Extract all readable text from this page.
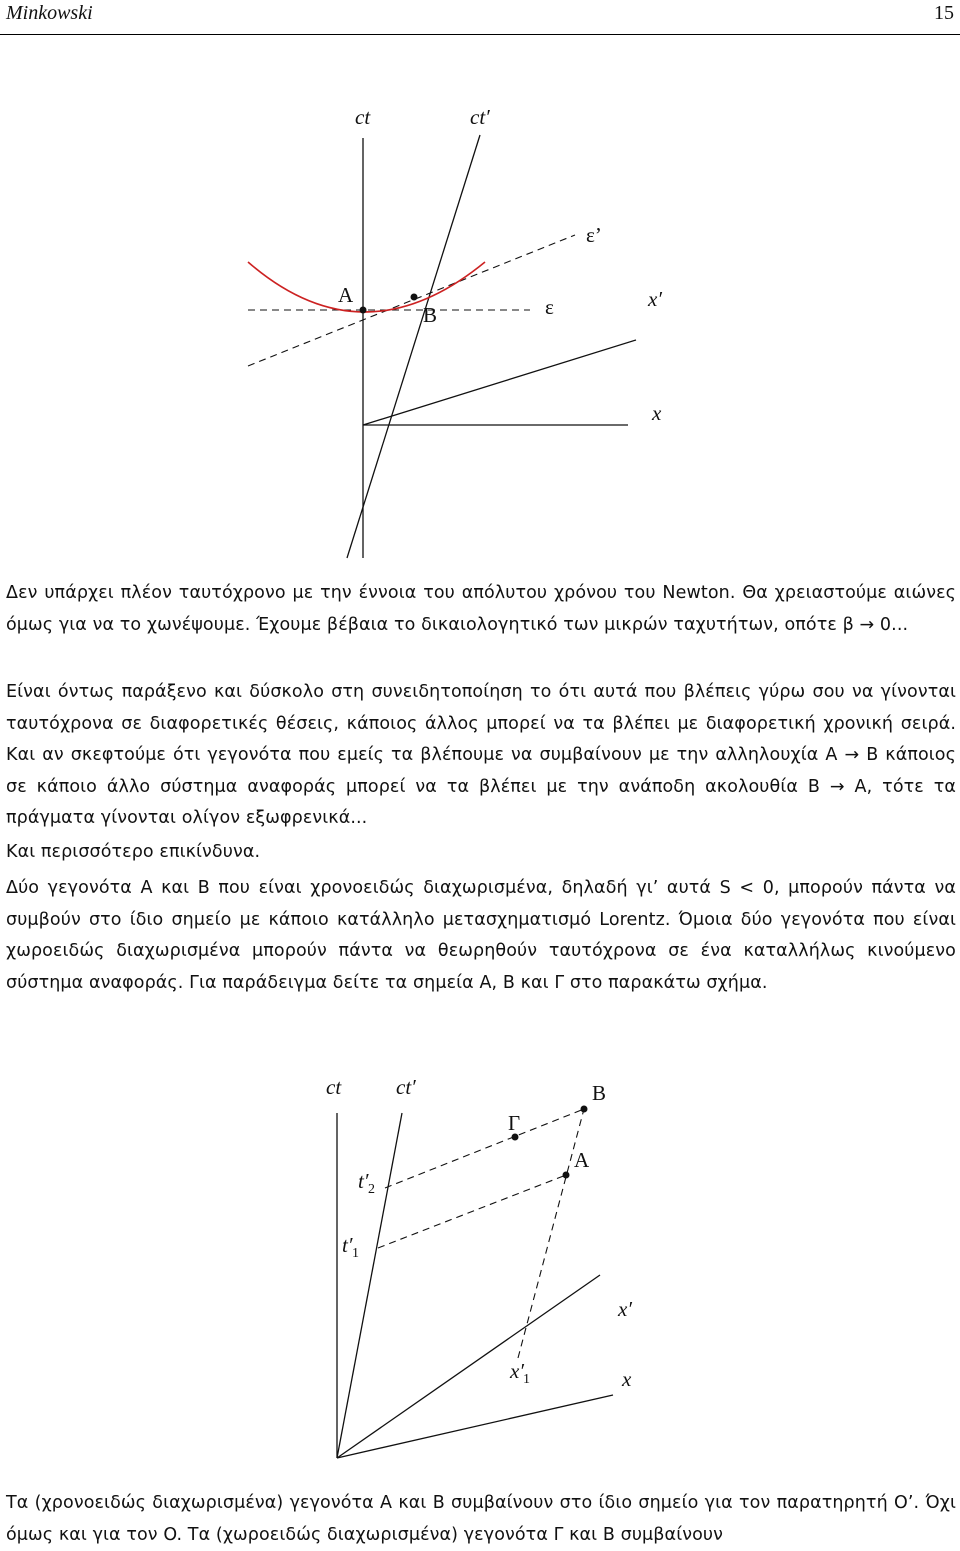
Minkowski	15
ct	ct′
ε’
A
B	ε	x′
x

Δεν υπάρχει πλέον ταυτόχρονο με την έννοια του απόλυτου χρόνου του Newton. Θα χρειαστούμε αιώνες όμως για να το χωνέψουμε. Έχουμε βέβαια το δικαιολογητικό των μικρών ταχυτήτων, οπότε β → 0...

Είναι όντως παράξενο και δύσκολο στη συνειδητοποίηση το ότι αυτά που βλέπεις γύρω σου να γίνονται ταυτόχρονα σε διαφορετικές θέσεις, κάποιος άλλος μπορεί να τα βλέπει με διαφορετική χρονική σειρά. Και αν σκεφτούμε ότι γεγονότα που εμείς τα βλέπουμε να συμβαίνουν με την αλληλουχία A → B κάποιος σε κάποιο άλλο σύστημα αναφοράς μπορεί να τα βλέπει με την ανάποδη ακολουθία B → A, τότε τα πράγματα γίνονται ολίγον εξωφρενικά...

Και περισσότερο επικίνδυνα.

Δύο γεγονότα A και B που είναι χρονοειδώς διαχωρισμένα, δηλαδή γι’ αυτά S < 0, μπορούν πάντα να συμβούν στο ίδιο σημείο με κάποιο κατάλληλο μετασχηματισμό Lorentz. Όμοια δύο γεγονότα που είναι χωροειδώς διαχωρισμένα μπορούν πάντα να θεωρηθούν ταυτόχρονα σε ένα καταλλήλως κινούμενο σύστημα αναφοράς. Για παράδειγμα δείτε τα σημεία A, B και Γ στο παρακάτω σχήμα.

ct	ct′	B
Γ
A
t′ 2
t′ 1
x′
x′ 1	x

Τα (χρονοειδώς διαχωρισμένα) γεγονότα A και B συμβαίνουν στο ίδιο σημείο για τον παρατηρητή O’. Όχι όμως και για τον O. Τα (χωροειδώς διαχωρισμένα) γεγονότα Γ και B συμβαίνουν
